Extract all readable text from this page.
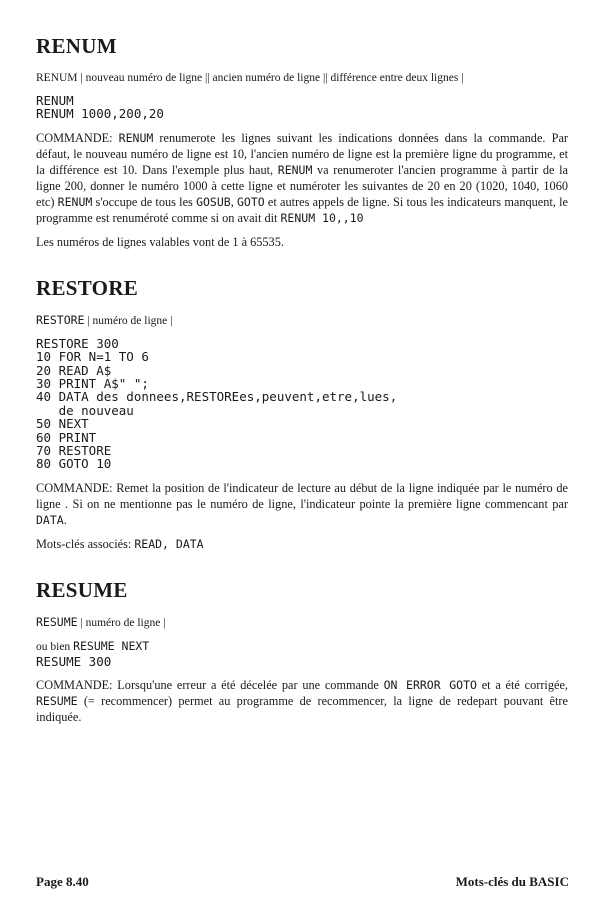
RENUM

RENUM | nouveau numéro de ligne || ancien numéro de ligne || différence entre deux lignes |

RENUM
RENUM 1000,200,20

COMMANDE: RENUM renumerote les lignes suivant les indications données dans la commande. Par défaut, le nouveau numéro de ligne est 10, l'ancien numéro de ligne est la première ligne du programme, et la différence est 10. Dans l'exemple plus haut, RENUM va renumeroter l'ancien programme à partir de la ligne 200, donner le numéro 1000 à cette ligne et numéroter les suivantes de 20 en 20 (1020, 1040, 1060 etc) RENUM s'occupe de tous les GOSUB, GOTO et autres appels de ligne. Si tous les indicateurs manquent, le programme est renuméroté comme si on avait dit RENUM 10,,10

Les numéros de lignes valables vont de 1 à 65535.

RESTORE

RESTORE | numéro de ligne |

RESTORE 300
10 FOR N=1 TO 6
20 READ A$
30 PRINT A$" ";
40 DATA des donnees,RESTOREes,peuvent,etre,lues,
de nouveau
50 NEXT
60 PRINT
70 RESTORE
80 GOTO 10

COMMANDE: Remet la position de l'indicateur de lecture au début de la ligne indiquée par le numéro de ligne . Si on ne mentionne pas le numéro de ligne, l'indicateur pointe la première ligne commencant par DATA.

Mots-clés associés: READ, DATA

RESUME

RESUME | numéro de ligne |

ou bien RESUME NEXT

RESUME 300

COMMANDE: Lorsqu'une erreur a été décelée par une commande ON ERROR GOTO et a été corrigée, RESUME (= recommencer) permet au programme de recommencer, la ligne de redepart pouvant être indiquée.

Page 8.40	Mots-clés du BASIC
